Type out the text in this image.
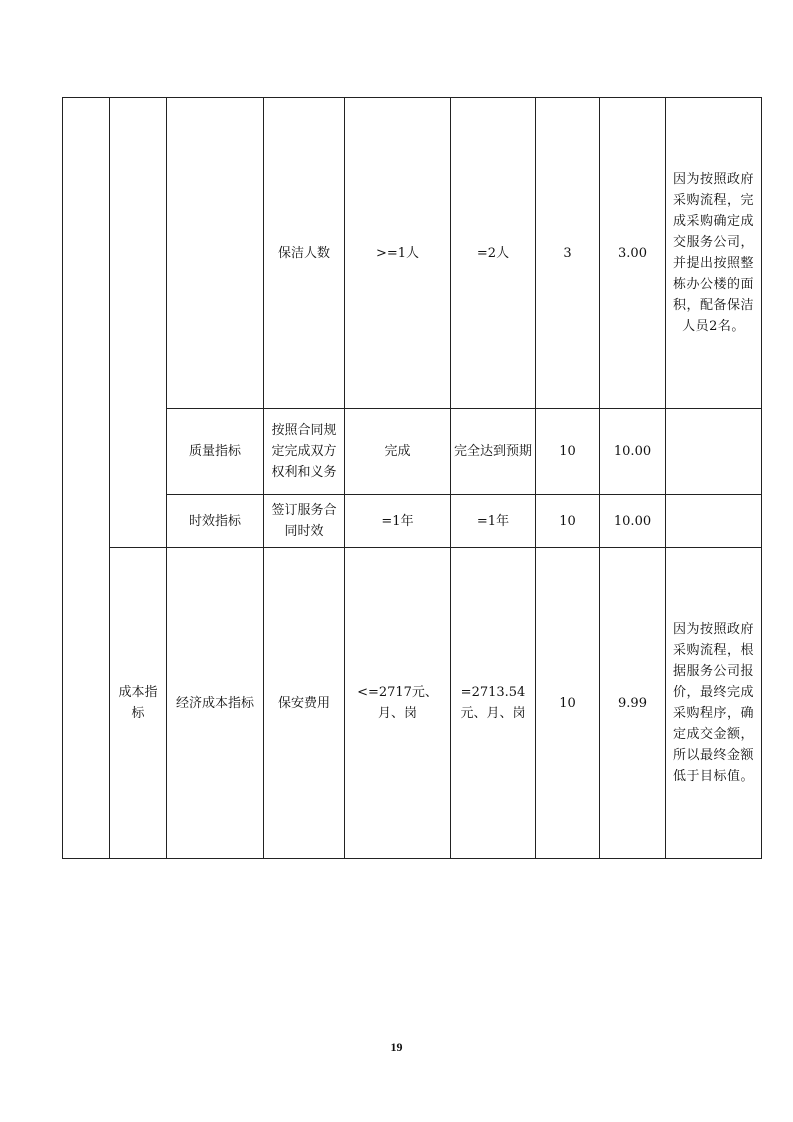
			保洁人数	>=1人	=2人	3	3.00	因为按照政府采购流程，完成采购确定成交服务公司，并提出按照整栋办公楼的面积，配备保洁人员2名。
		质量指标	按照合同规定完成双方权利和义务	完成	完全达到预期	10	10.00	
		时效指标	签订服务合同时效	=1年	=1年	10	10.00	
	成本指标	经济成本指标	保安费用	<=2717元、月、岗	=2713.54元、月、岗	10	9.99	因为按照政府采购流程，根据服务公司报价，最终完成采购程序，确定成交金额，所以最终金额低于目标值。
19
